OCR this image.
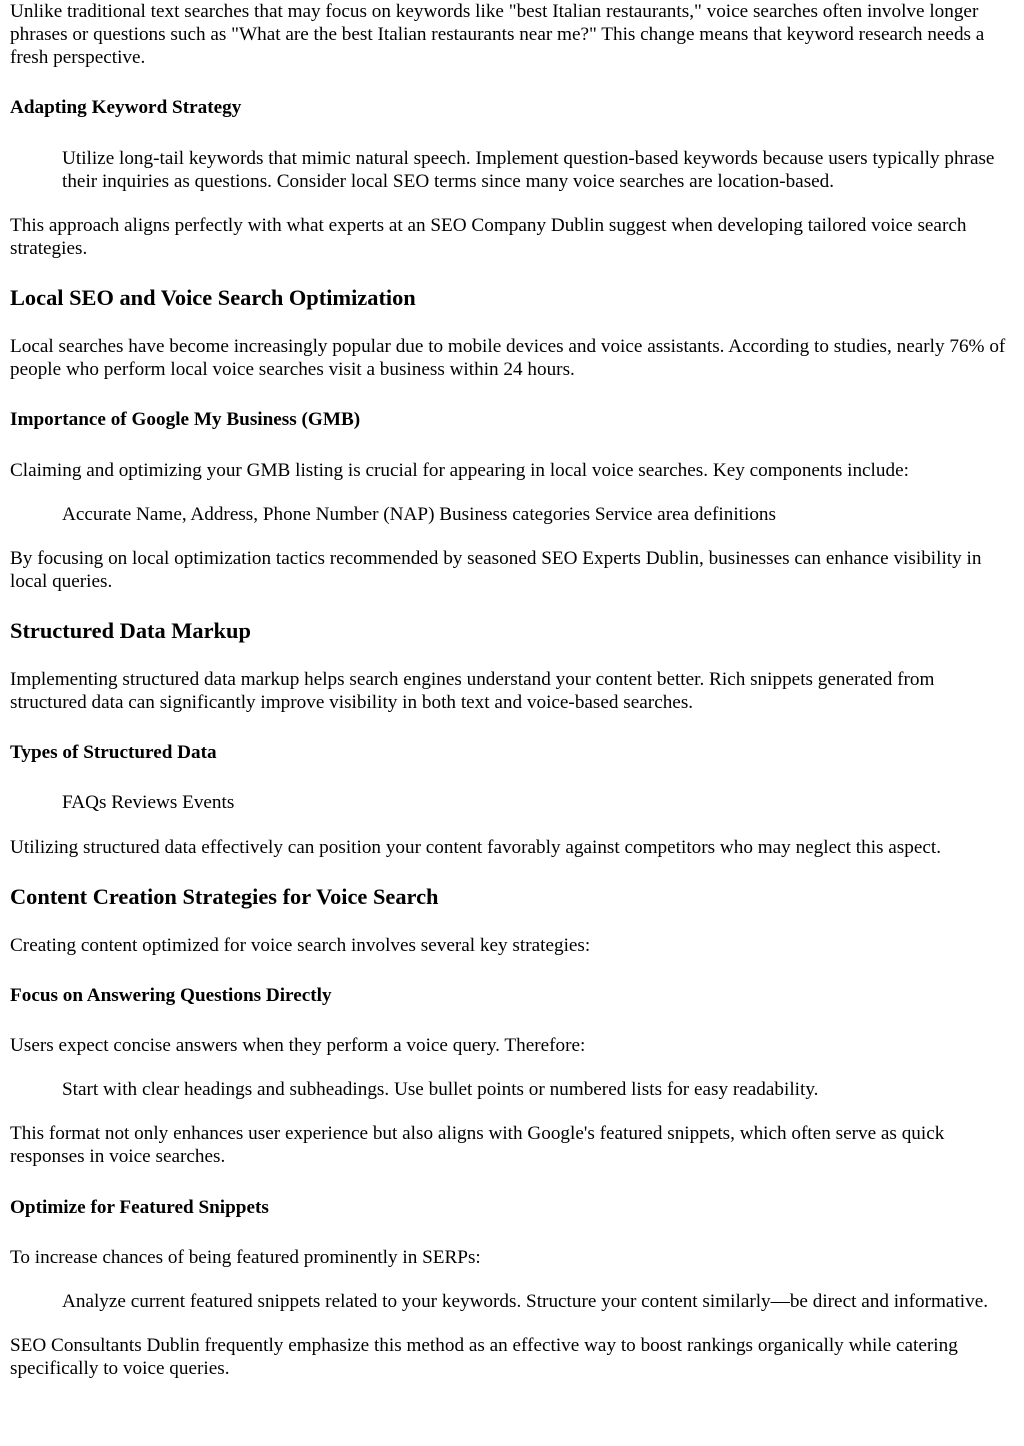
Unlike traditional text searches that may focus on keywords like "best Italian restaurants," voice searches often involve longer phrases or questions such as "What are the best Italian restaurants near me?" This change means that keyword research needs a fresh perspective.

Adapting Keyword Strategy
Utilize long-tail keywords that mimic natural speech. Implement question-based keywords because users typically phrase their inquiries as questions. Consider local SEO terms since many voice searches are location-based.

This approach aligns perfectly with what experts at an SEO Company Dublin suggest when developing tailored voice search strategies.

Local SEO and Voice Search Optimization

Local searches have become increasingly popular due to mobile devices and voice assistants. According to studies, nearly 76% of people who perform local voice searches visit a business within 24 hours.

Importance of Google My Business (GMB)

Claiming and optimizing your GMB listing is crucial for appearing in local voice searches. Key components include:

Accurate Name, Address, Phone Number (NAP) Business categories Service area definitions

By focusing on local optimization tactics recommended by seasoned SEO Experts Dublin, businesses can enhance visibility in local queries.

Structured Data Markup

Implementing structured data markup helps search engines understand your content better. Rich snippets generated from structured data can significantly improve visibility in both text and voice-based searches.

Types of Structured Data
FAQs Reviews Events

Utilizing structured data effectively can position your content favorably against competitors who may neglect this aspect.

Content Creation Strategies for Voice Search

Creating content optimized for voice search involves several key strategies:

Focus on Answering Questions Directly

Users expect concise answers when they perform a voice query. Therefore:

Start with clear headings and subheadings. Use bullet points or numbered lists for easy readability.

This format not only enhances user experience but also aligns with Google's featured snippets, which often serve as quick responses in voice searches.

Optimize for Featured Snippets

To increase chances of being featured prominently in SERPs:

Analyze current featured snippets related to your keywords. Structure your content similarly—be direct and informative.

SEO Consultants Dublin frequently emphasize this method as an effective way to boost rankings organically while catering specifically to voice queries.
